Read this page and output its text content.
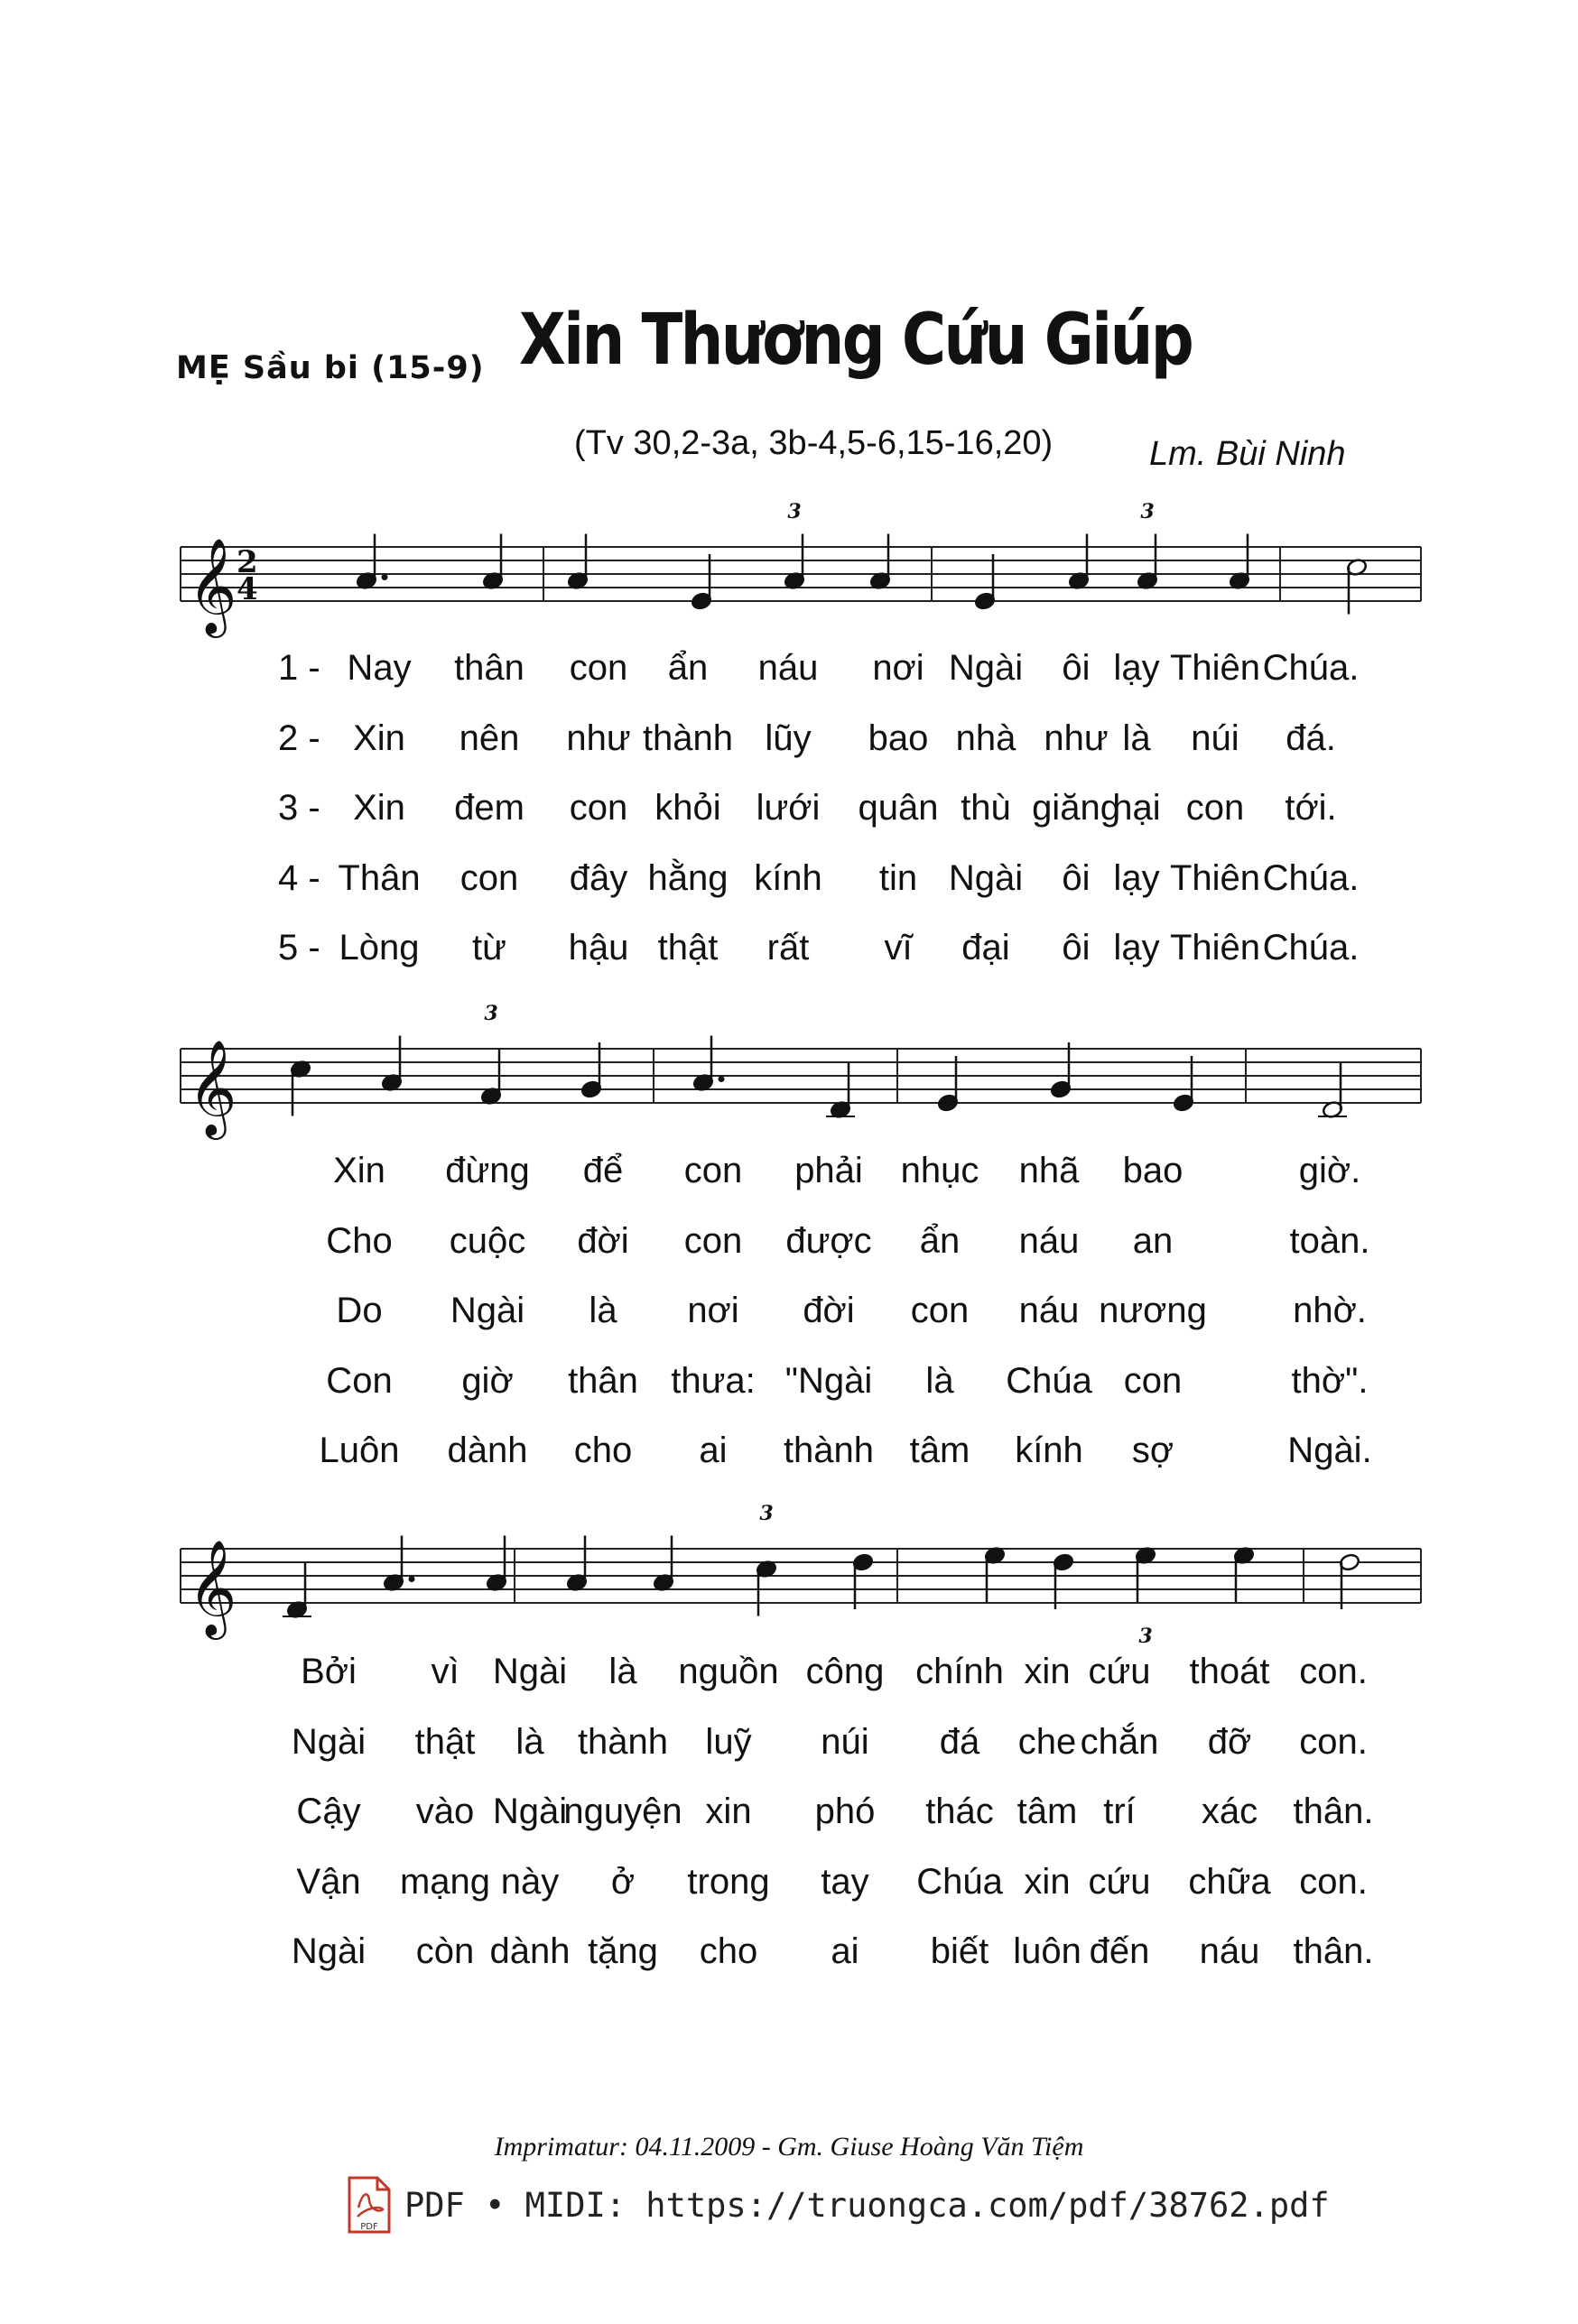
MẸ Sầu bi (15-9) Xin Thương Cứu Giúp
(Tv 30,2-3a, 3b-4,5-6,15-16,20)	Lm. Bùi Ninh
𝄞 2
4
3	3
𝄞
3
𝄞
3
3
1 - Nay thân con ẩn náu nơi Ngài ôi lạy Thiên Chúa.
2 - Xin nên như thành lũy bao nhà như là núi đá.
3 - Xin đem con khỏi lưới quân thù giăng
hại con tới.
4 - Thân con đây hằng kính tin Ngài ôi lạy Thiên Chúa.
5 - Lòng từ hậu thật rất vĩ đại ôi lạy Thiên Chúa.
Xin đừng để con phải nhục nhã bao	giờ.
Cho cuộc đời con được ẩn náu an	toàn.
Do Ngài là nơi đời con náu nương nhờ.
Con giờ thân thưa: "Ngài là Chúa con	thờ".
Luôn dành cho ai thành tâm kính sợ	Ngài.
Bởi vì Ngài là nguồn công chính xin cứu thoát con.
Ngài thật là thành luỹ núi đá che chắn đỡ con.
Cậy vào Ngài
nguyện xin phó thác tâm trí xác thân.
Vận mạng này ở trong tay Chúa xin cứu chữa con.
Ngài còn dành tặng cho ai biết luôn đến náu thân.
Imprimatur: 04.11.2009 - Gm. Giuse Hoàng Văn Tiệm
PDF
PDF • MIDI: https://truongca.com/pdf/38762.pdf
